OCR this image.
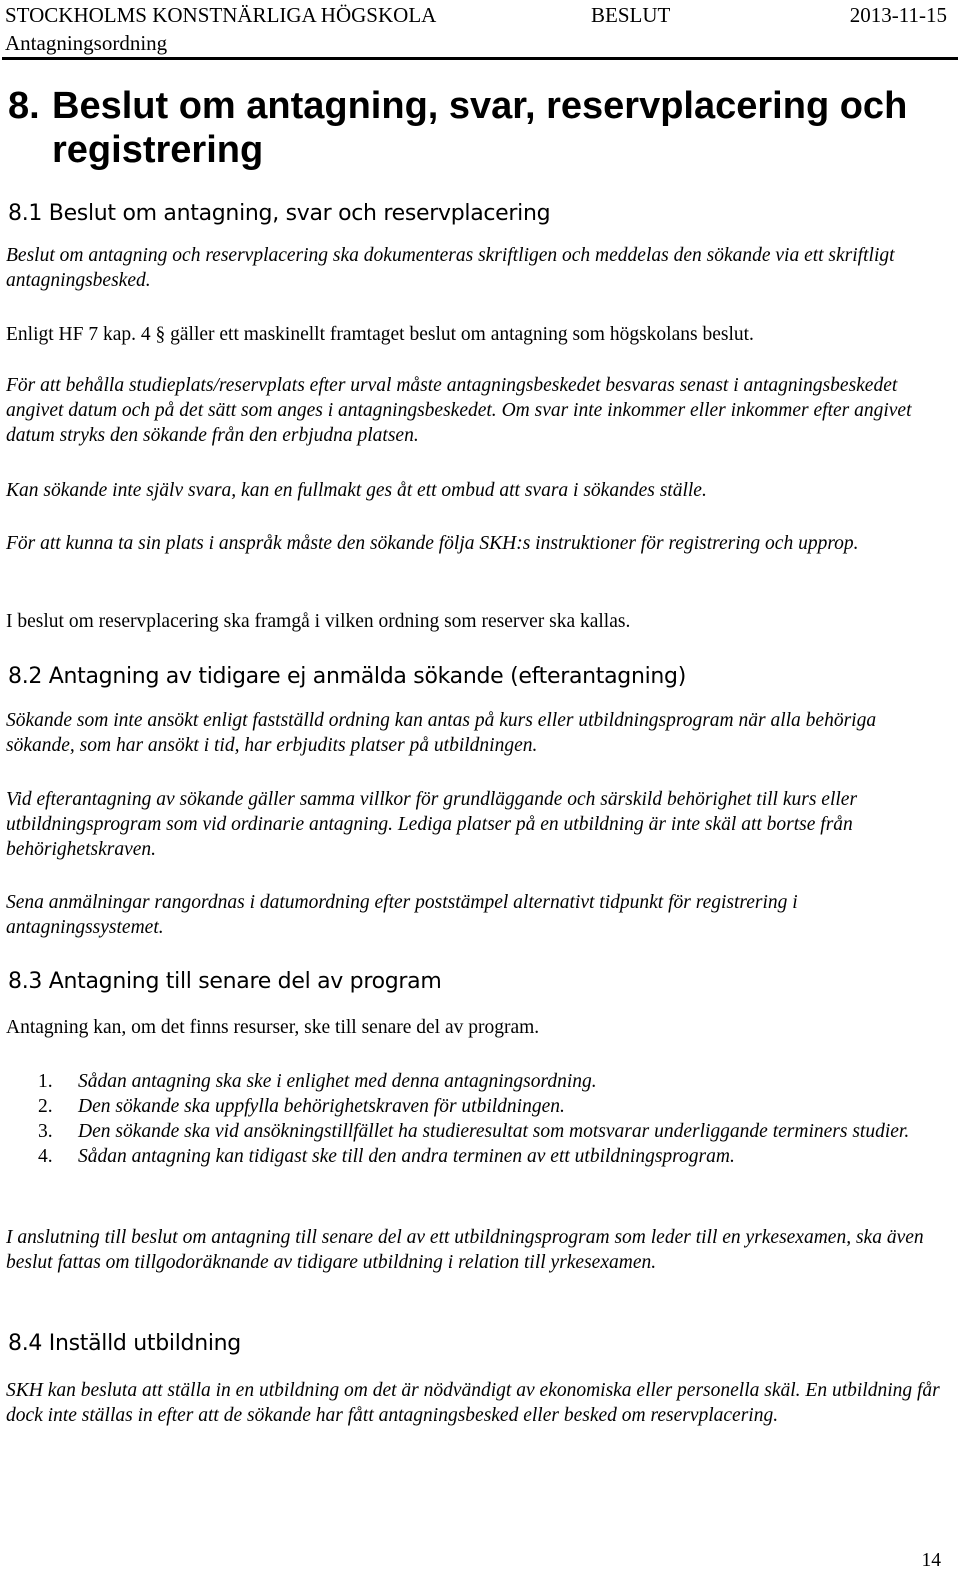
STOCKHOLMS KONSTNÄRLIGA HÖGSKOLA	BESLUT	2013-11-15
Antagningsordning
8. Beslut om antagning, svar, reservplacering och
registrering
8.1 Beslut om antagning, svar och reservplacering

Beslut om antagning och reservplacering ska dokumenteras skriftligen och meddelas den sökande via ett skriftligt antagningsbesked.

Enligt HF 7 kap. 4 § gäller ett maskinellt framtaget beslut om antagning som högskolans beslut.

För att behålla studieplats/reservplats efter urval måste antagningsbeskedet besvaras senast i antagningsbeskedet angivet datum och på det sätt som anges i antagningsbeskedet. Om svar inte inkommer eller inkommer efter angivet datum stryks den sökande från den erbjudna platsen.

Kan sökande inte själv svara, kan en fullmakt ges åt ett ombud att svara i sökandes ställe.

För att kunna ta sin plats i anspråk måste den sökande följa SKH:s instruktioner för registrering och upprop.

I beslut om reservplacering ska framgå i vilken ordning som reserver ska kallas.

8.2 Antagning av tidigare ej anmälda sökande (efterantagning)

Sökande som inte ansökt enligt fastställd ordning kan antas på kurs eller utbildningsprogram när alla behöriga sökande, som har ansökt i tid, har erbjudits platser på utbildningen.

Vid efterantagning av sökande gäller samma villkor för grundläggande och särskild behörighet till kurs eller utbildningsprogram som vid ordinarie antagning. Lediga platser på en utbildning är inte skäl att bortse från behörighetskraven.

Sena anmälningar rangordnas i datumordning efter poststämpel alternativt tidpunkt för registrering i antagningssystemet.

8.3 Antagning till senare del av program

Antagning kan, om det finns resurser, ske till senare del av program.

1. Sådan antagning ska ske i enlighet med denna antagningsordning.
2. Den sökande ska uppfylla behörighetskraven för utbildningen.
3. Den sökande ska vid ansökningstillfället ha studieresultat som motsvarar underliggande terminers studier.
4. Sådan antagning kan tidigast ske till den andra terminen av ett utbildningsprogram.

I anslutning till beslut om antagning till senare del av ett utbildningsprogram som leder till en yrkesexamen, ska även beslut fattas om tillgodoräknande av tidigare utbildning i relation till yrkesexamen.

8.4 Inställd utbildning

SKH kan besluta att ställa in en utbildning om det är nödvändigt av ekonomiska eller personella skäl. En utbildning får dock inte ställas in efter att de sökande har fått antagningsbesked eller besked om reservplacering.

14
